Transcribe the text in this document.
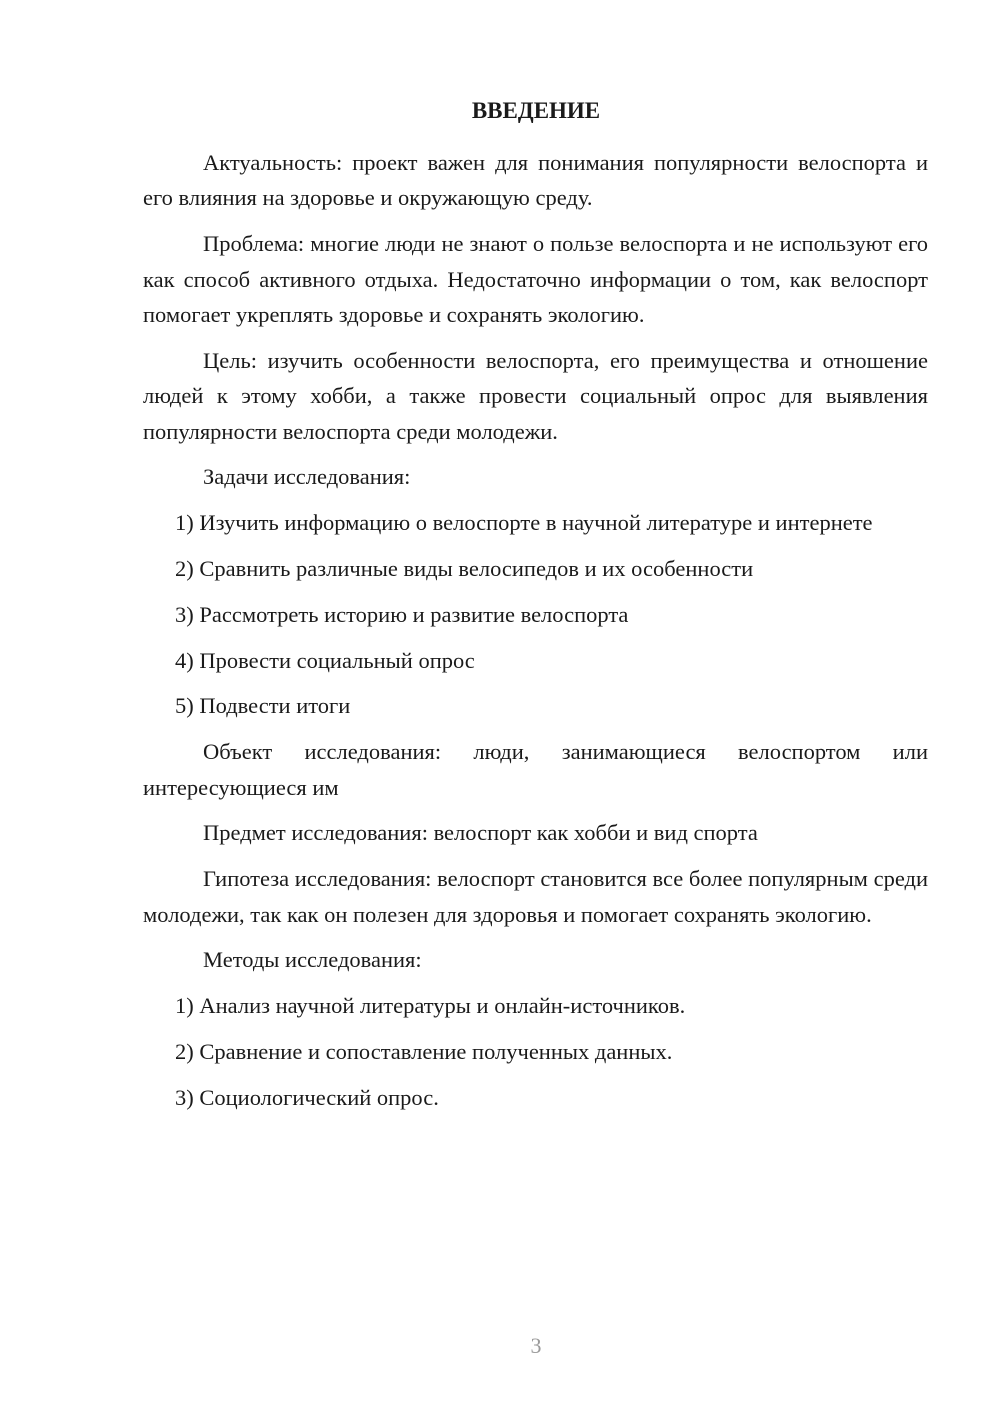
ВВЕДЕНИЕ

Актуальность: проект важен для понимания популярности велоспорта и его влияния на здоровье и окружающую среду.

Проблема: многие люди не знают о пользе велоспорта и не используют его как способ активного отдыха. Недостаточно информации о том, как велоспорт помогает укреплять здоровье и сохранять экологию.

Цель: изучить особенности велоспорта, его преимущества и отношение людей к этому хобби, а также провести социальный опрос для выявления популярности велоспорта среди молодежи.

Задачи исследования:

1) Изучить информацию о велоспорте в научной литературе и интернете

2) Сравнить различные виды велосипедов и их особенности

3) Рассмотреть историю и развитие велоспорта

4) Провести социальный опрос

5) Подвести итоги

Объект исследования: люди, занимающиеся велоспортом или интересующиеся им

Предмет исследования: велоспорт как хобби и вид спорта

Гипотеза исследования: велоспорт становится все более популярным среди молодежи, так как он полезен для здоровья и помогает сохранять экологию.

Методы исследования:

1) Анализ научной литературы и онлайн-источников.

2) Сравнение и сопоставление полученных данных.

3) Социологический опрос.

3
